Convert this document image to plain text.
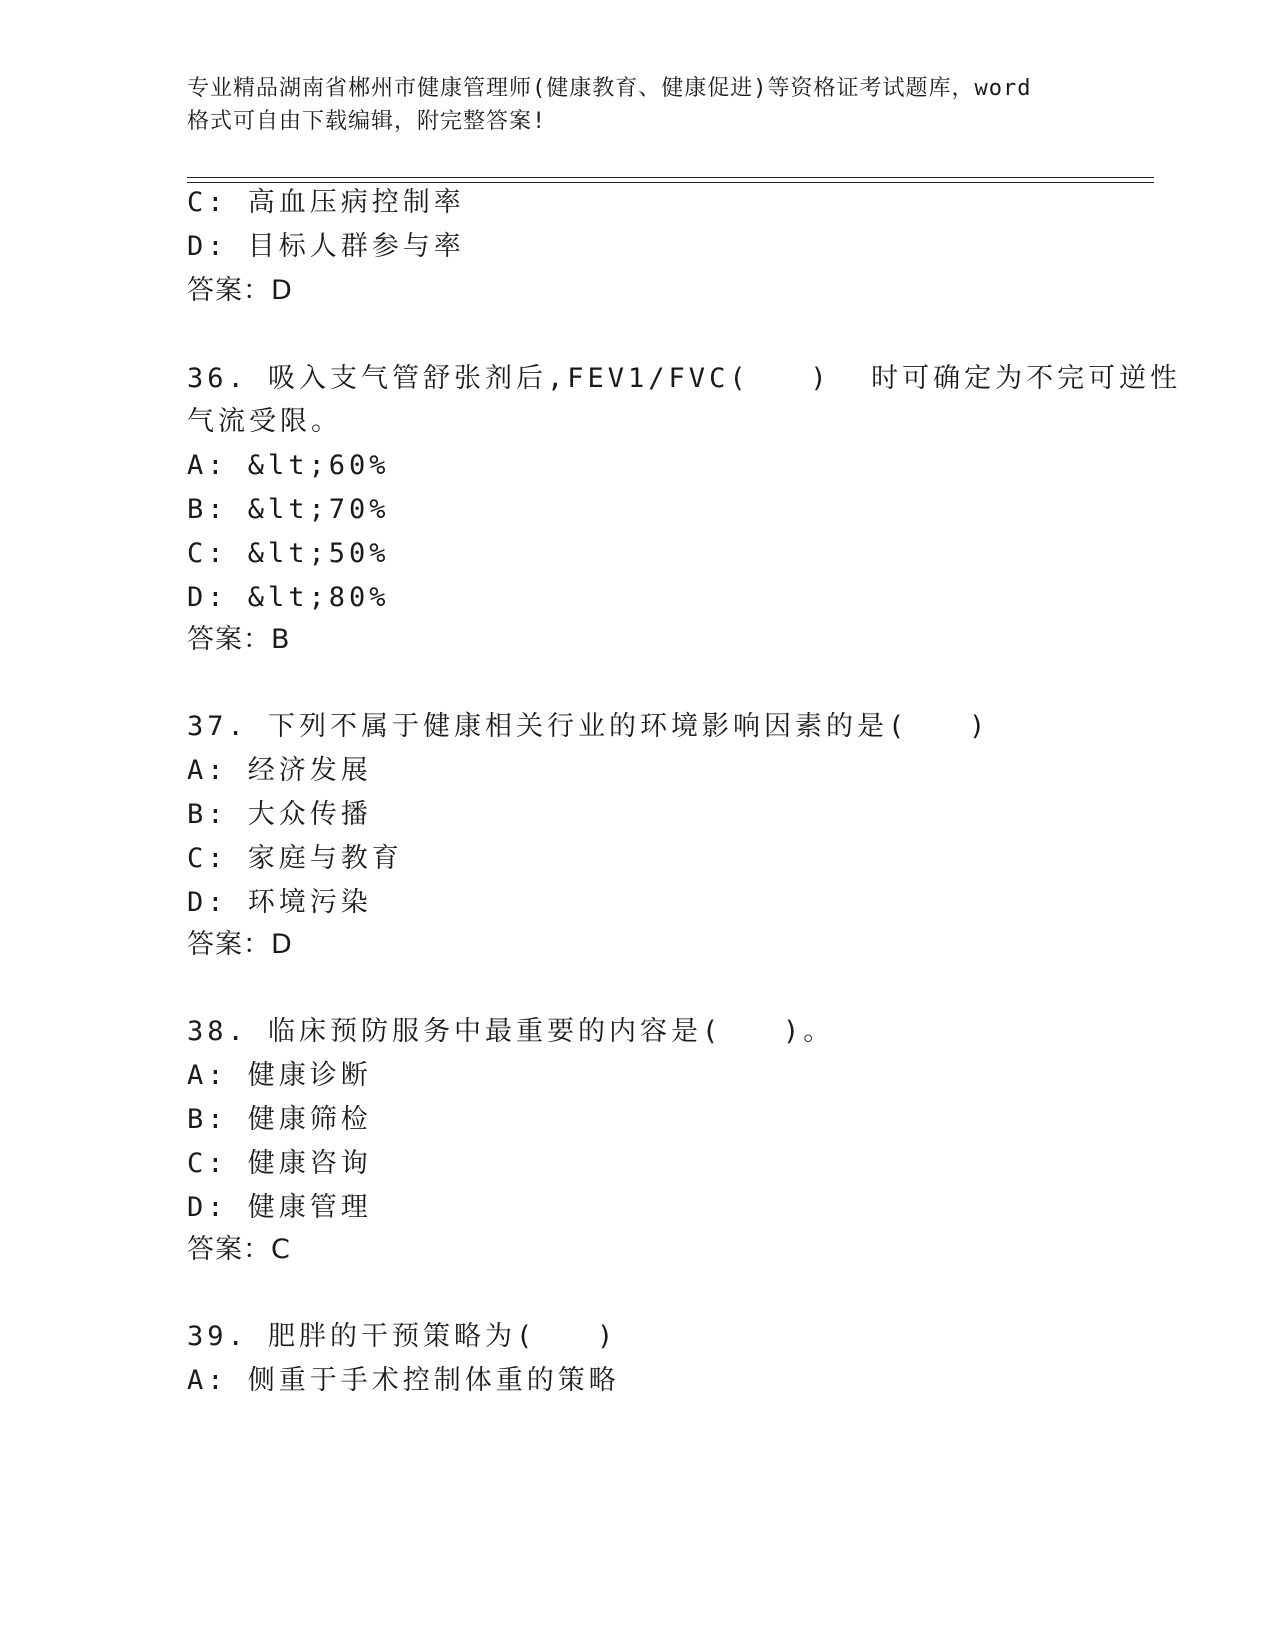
专业精品湖南省郴州市健康管理师(健康教育、健康促进)等资格证考试题库，word
格式可自由下载编辑，附完整答案!
C: 高血压病控制率
D: 目标人群参与率
答案：D
36. 吸入支气管舒张剂后,FEV1/FVC(   )  时可确定为不完可逆性
气流受限。
A: &lt;60%
B: &lt;70%
C: &lt;50%
D: &lt;80%
答案：B
37. 下列不属于健康相关行业的环境影响因素的是(   )
A: 经济发展
B: 大众传播
C: 家庭与教育
D: 环境污染
答案：D
38. 临床预防服务中最重要的内容是(   )。
A: 健康诊断
B: 健康筛检
C: 健康咨询
D: 健康管理
答案：C
39. 肥胖的干预策略为(   )
A: 侧重于手术控制体重的策略
